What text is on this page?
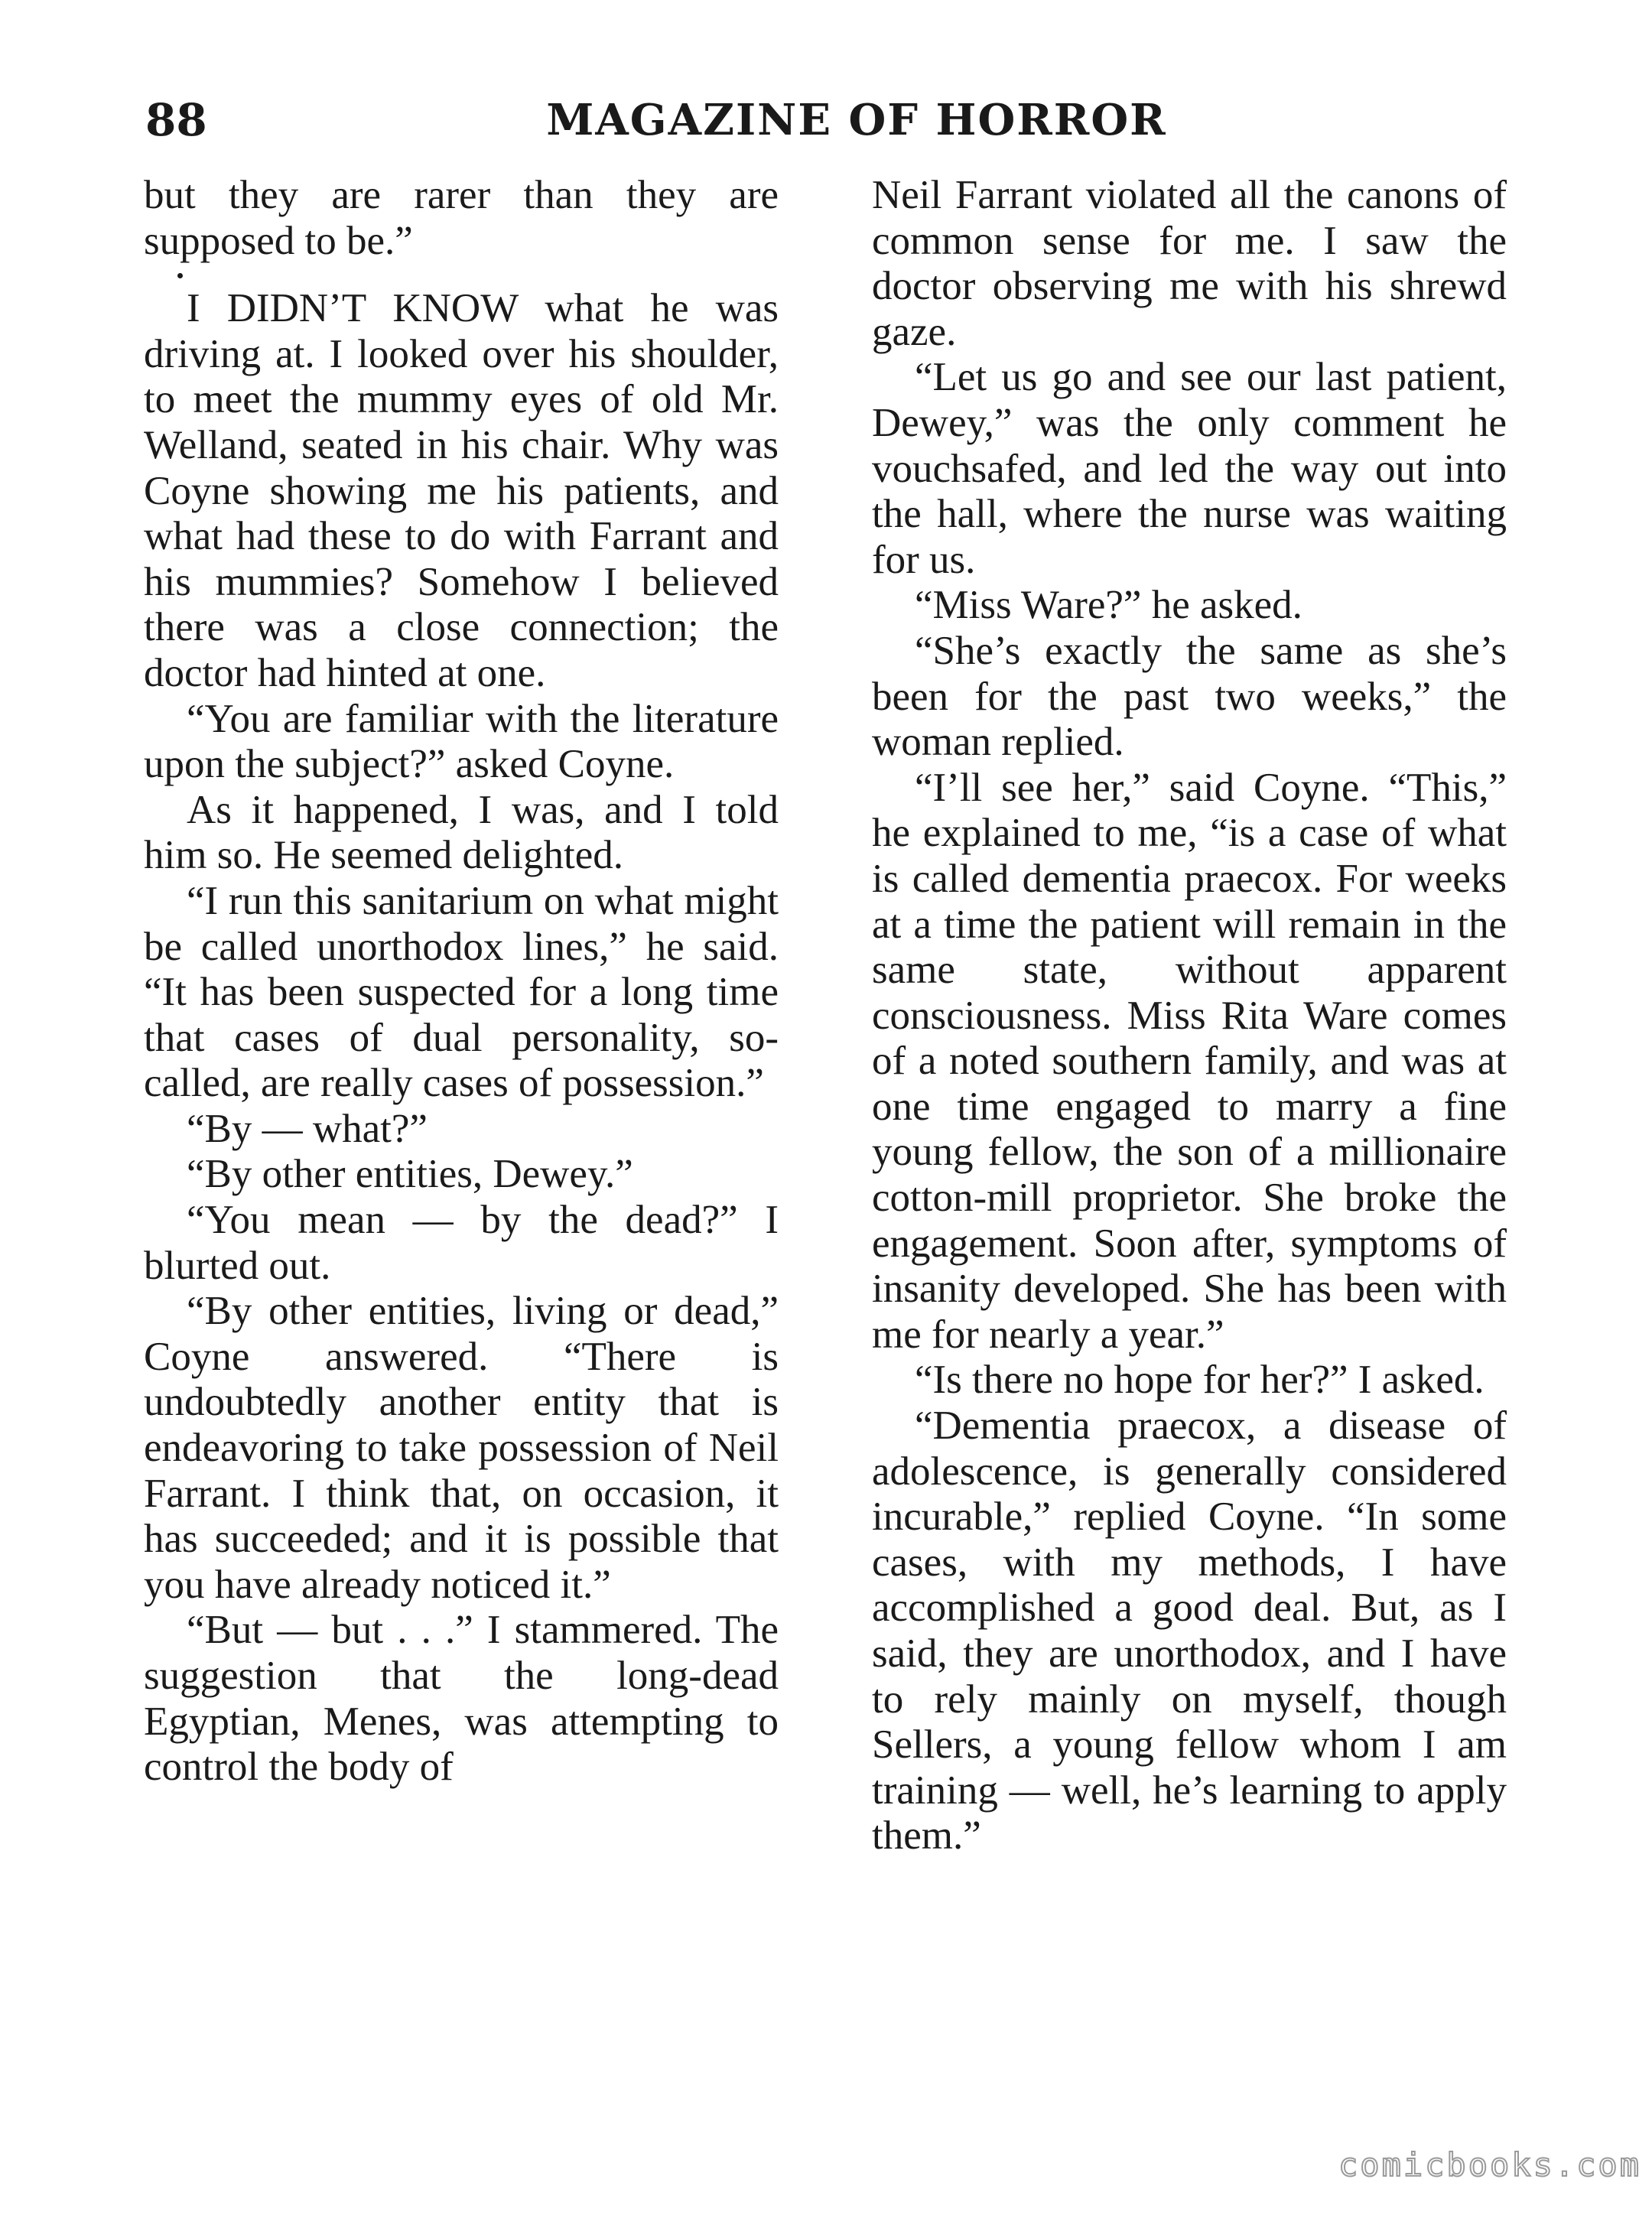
88	MAGAZINE OF HORROR

but they are rarer than they are supposed to be.”

I DIDN’T KNOW what he was driving at. I looked over his shoulder, to meet the mummy eyes of old Mr. Welland, seated in his chair. Why was Coyne showing me his patients, and what had these to do with Farrant and his mummies? Somehow I believed there was a close connection; the doctor had hinted at one.

“You are familiar with the literature upon the subject?” asked Coyne.

As it happened, I was, and I told him so. He seemed delighted.

“I run this sanitarium on what might be called unorthodox lines,” he said. “It has been suspected for a long time that cases of dual personality, so-called, are really cases of possession.”

“By — what?”

“By other entities, Dewey.”

“You mean — by the dead?” I blurted out.

“By other entities, living or dead,” Coyne answered. “There is undoubtedly another entity that is endeavoring to take possession of Neil Farrant. I think that, on occasion, it has succeeded; and it is possible that you have already noticed it.”

“But — but . . .” I stammered. The suggestion that the long-dead Egyptian, Menes, was attempting to control the body of

Neil Farrant violated all the canons of common sense for me. I saw the doctor observing me with his shrewd gaze.

“Let us go and see our last patient, Dewey,” was the only comment he vouchsafed, and led the way out into the hall, where the nurse was waiting for us.

“Miss Ware?” he asked.

“She’s exactly the same as she’s been for the past two weeks,” the woman replied.

“I’ll see her,” said Coyne. “This,” he explained to me, “is a case of what is called dementia praecox. For weeks at a time the patient will remain in the same state, without apparent consciousness. Miss Rita Ware comes of a noted southern family, and was at one time engaged to marry a fine young fellow, the son of a millionaire cotton-mill proprietor. She broke the engagement. Soon after, symptoms of insanity developed. She has been with me for nearly a year.”

“Is there no hope for her?” I asked.

“Dementia praecox, a disease of adolescence, is generally considered incurable,” replied Coyne. “In some cases, with my methods, I have accomplished a good deal. But, as I said, they are unorthodox, and I have to rely mainly on myself, though Sellers, a young fellow whom I am training — well, he’s learning to apply them.”

comicbooks.com
